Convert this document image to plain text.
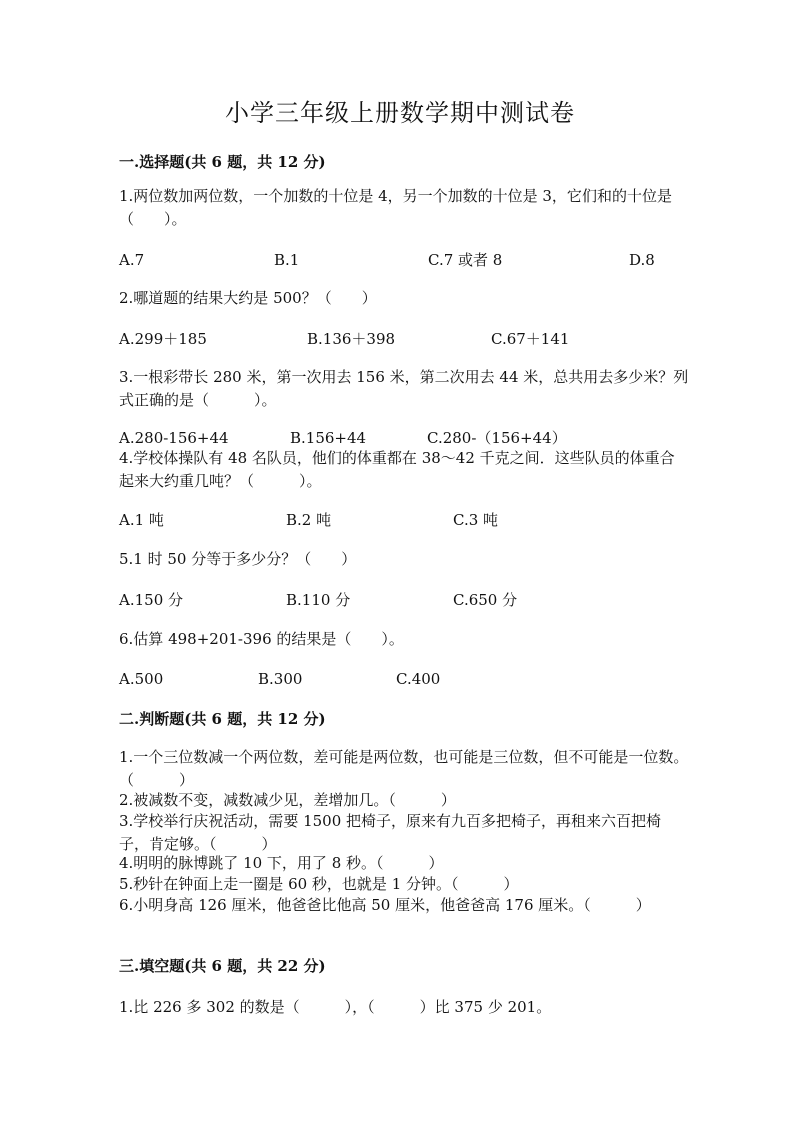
小学三年级上册数学期中测试卷
一.选择题(共 6 题，共 12 分)
1.两位数加两位数，一个加数的十位是 4，另一个加数的十位是 3，它们和的十位是（　　）。
A.7	B.1	C.7 或者 8	D.8
2.哪道题的结果大约是 500？（　　）
A.299＋185	B.136＋398	C.67＋141
3.一根彩带长 280 米，第一次用去 156 米，第二次用去 44 米，总共用去多少米？列式正确的是（　　　）。
A.280-156+44	B.156+44	C.280-（156+44）
4.学校体操队有 48 名队员，他们的体重都在 38～42 千克之间．这些队员的体重合起来大约重几吨？（　　　）。
A.1 吨	B.2 吨	C.3 吨
5.1 时 50 分等于多少分？（　　）
A.150 分	B.110 分	C.650 分
6.估算 498+201-396 的结果是（　　）。
A.500	B.300	C.400
二.判断题(共 6 题，共 12 分)
1.一个三位数减一个两位数，差可能是两位数，也可能是三位数，但不可能是一位数。（　　　）
2.被减数不变，减数减少见，差增加几。（　　　）
3.学校举行庆祝活动，需要 1500 把椅子，原来有九百多把椅子，再租来六百把椅子，肯定够。（　　　）
4.明明的脉博跳了 10 下，用了 8 秒。（　　　）
5.秒针在钟面上走一圈是 60 秒，也就是 1 分钟。（　　　）
6.小明身高 126 厘米，他爸爸比他高 50 厘米，他爸爸高 176 厘米。（　　　）
三.填空题(共 6 题，共 22 分)
1.比 226 多 302 的数是（　　　），（　　　）比 375 少 201。
